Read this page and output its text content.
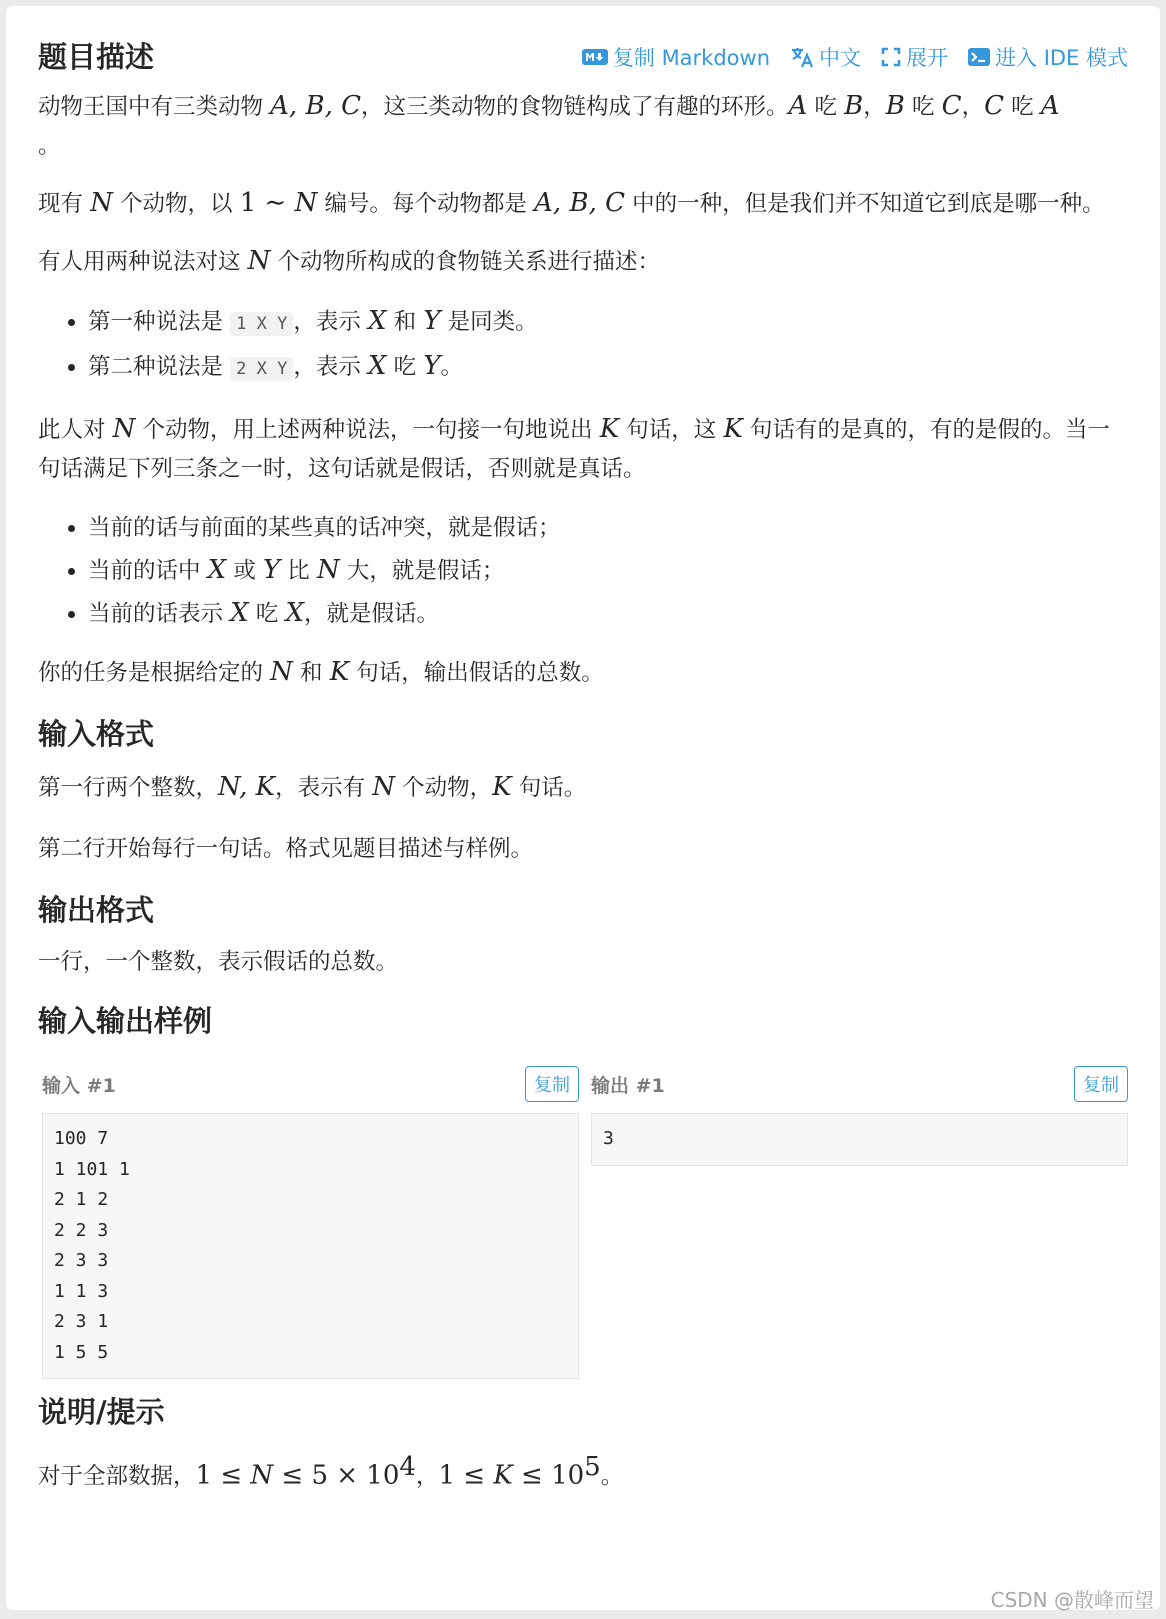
题目描述	复制 Markdown 中文 展开 进入 IDE 模式

动物王国中有三类动物 A, B, C，这三类动物的食物链构成了有趣的环形。A 吃 B，B 吃 C，C 吃 A
。

现有 N 个动物，以 1 ∼ N 编号。每个动物都是 A, B, C 中的一种，但是我们并不知道它到底是哪一种。

有人用两种说法对这 N 个动物所构成的食物链关系进行描述：

• 第一种说法是 1 X Y ，表示 X 和 Y 是同类。
• 第二种说法是 2 X Y ，表示 X 吃 Y。

此人对 N 个动物，用上述两种说法，一句接一句地说出 K 句话，这 K 句话有的是真的，有的是假的。当一句话满足下列三条之一时，这句话就是假话，否则就是真话。

• 当前的话与前面的某些真的话冲突，就是假话；
• 当前的话中 X 或 Y 比 N 大，就是假话；
• 当前的话表示 X 吃 X，就是假话。

你的任务是根据给定的 N 和 K 句话，输出假话的总数。

输入格式

第一行两个整数，N, K，表示有 N 个动物，K 句话。

第二行开始每行一句话。格式见题目描述与样例。

输出格式

一行，一个整数，表示假话的总数。

输入输出样例
输入 #1	复制
100 7
1 101 1
2 1 2
2 2 3
2 3 3
1 1 3
2 3 1
1 5 5
输出 #1	复制
3
说明/提示

对于全部数据，$1 \le N \le 5 \times 10^4$，$1 \le K \le 10^5$。

CSDN @散峰而望
